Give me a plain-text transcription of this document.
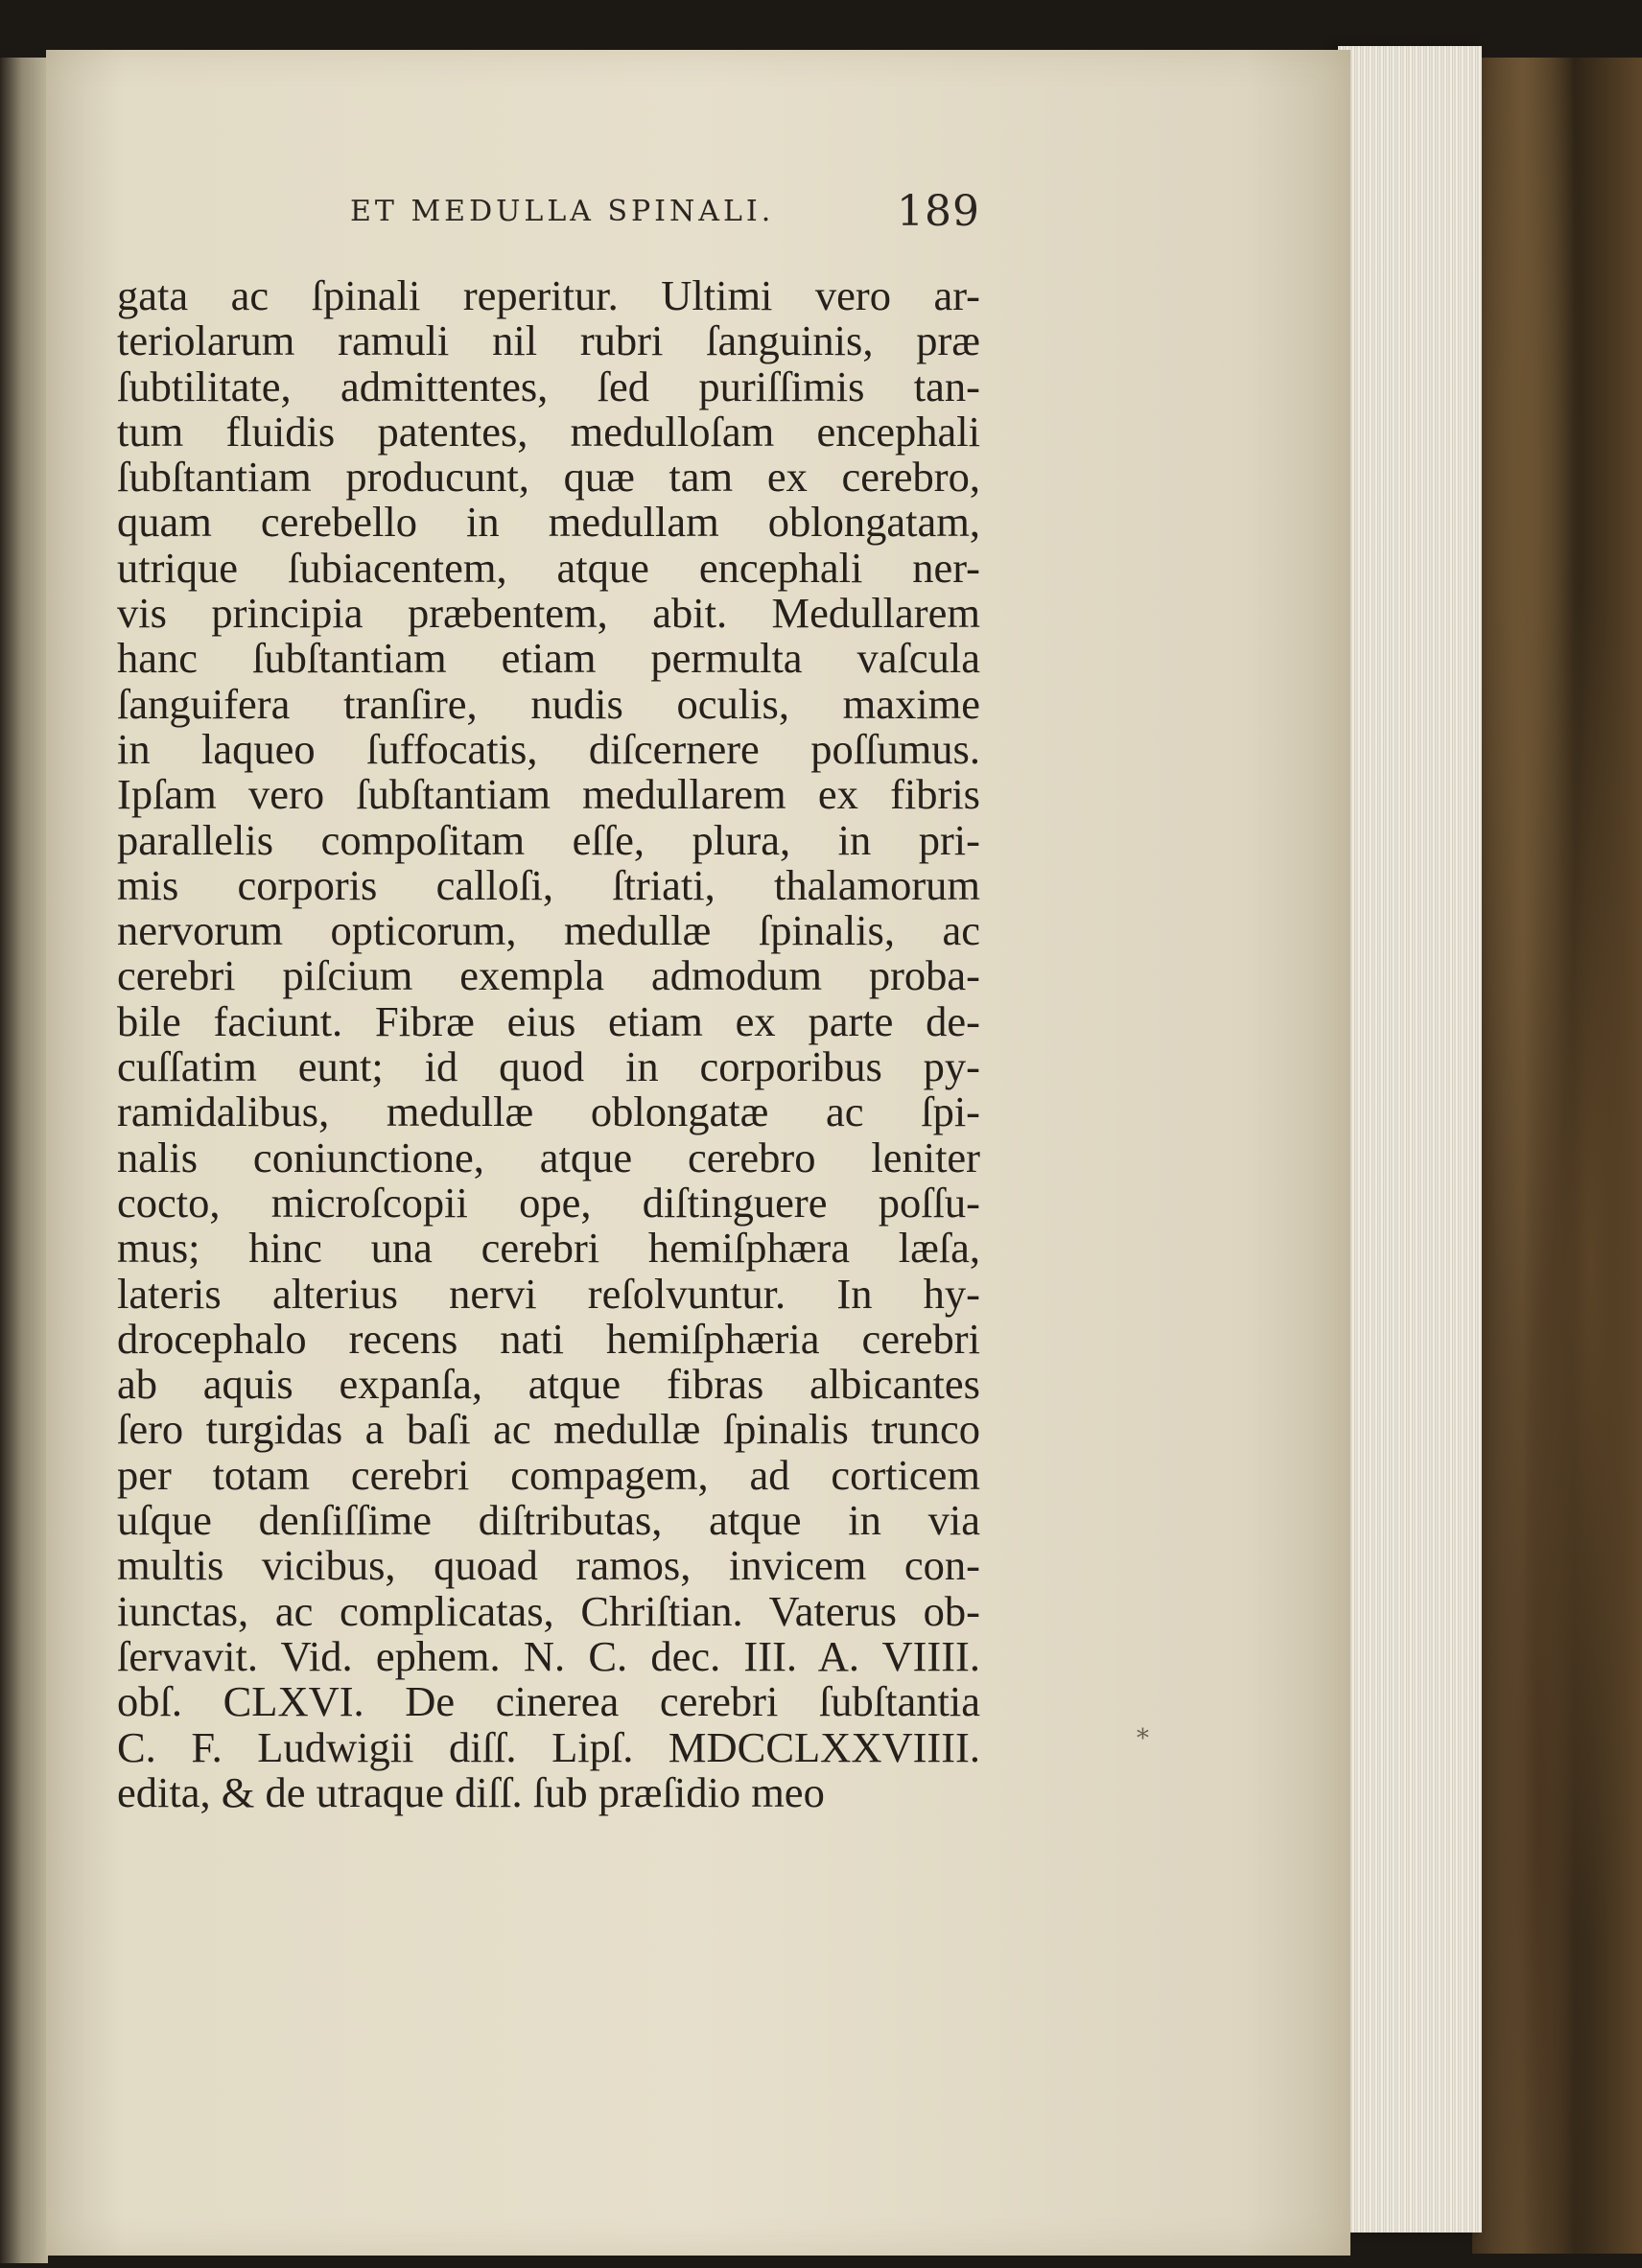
ET MEDULLA SPINALI.	189
gata ac ſpinali reperitur. Ultimi vero ar-
teriolarum ramuli nil rubri ſanguinis, præ
ſubtilitate, admittentes, ſed puriſſimis tan-
tum fluidis patentes, medulloſam encephali
ſubſtantiam producunt, quæ tam ex cerebro,
quam cerebello in medullam oblongatam,
utrique ſubiacentem, atque encephali ner-
vis principia præbentem, abit. Medullarem
hanc ſubſtantiam etiam permulta vaſcula
ſanguifera tranſire, nudis oculis, maxime
in laqueo ſuffocatis, diſcernere poſſumus.
Ipſam vero ſubſtantiam medullarem ex fibris
parallelis compoſitam eſſe, plura, in pri-
mis corporis calloſi, ſtriati, thalamorum
nervorum opticorum, medullæ ſpinalis, ac
cerebri piſcium exempla admodum proba-
bile faciunt. Fibræ eius etiam ex parte de-
cuſſatim eunt; id quod in corporibus py-
ramidalibus, medullæ oblongatæ ac ſpi-
nalis coniunctione, atque cerebro leniter
cocto, microſcopii ope, diſtinguere poſſu-
mus; hinc una cerebri hemiſphæra læſa,
lateris alterius nervi reſolvuntur. In hy-
drocephalo recens nati hemiſphæria cerebri
ab aquis expanſa, atque fibras albicantes
ſero turgidas a baſi ac medullæ ſpinalis trunco
per totam cerebri compagem, ad corticem
uſque denſiſſime diſtributas, atque in via
multis vicibus, quoad ramos, invicem con-
iunctas, ac complicatas, Chriſtian. Vaterus ob-
ſervavit. Vid. ephem. N. C. dec. III. A. VIIII.
obſ. CLXVI. De cinerea cerebri ſubſtantia
C. F. Ludwigii diſſ. Lipſ. MDCCLXXVIIII.
edita, & de utraque diſſ. ſub præſidio meo
⁎
